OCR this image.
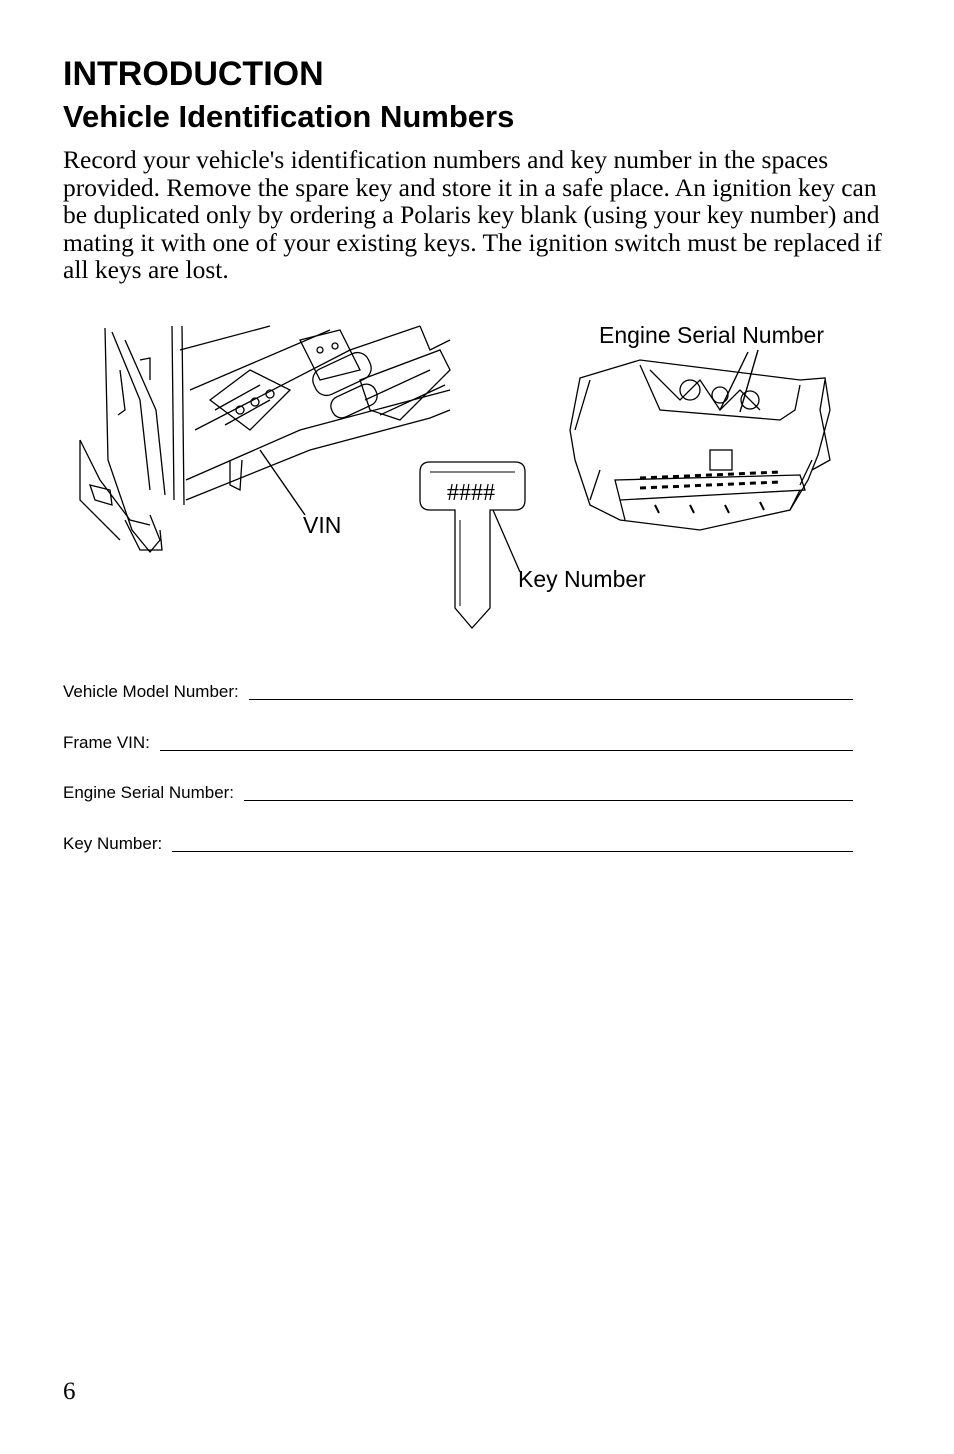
INTRODUCTION
Vehicle Identification Numbers

Record your vehicle's identification numbers and key number in the spaces provided. Remove the spare key and store it in a safe place. An ignition key can be duplicated only by ordering a Polaris key blank (using your key number) and mating it with one of your existing keys. The ignition switch must be replaced if all keys are lost.

Engine Serial Number
VIN
####
Key Number
Vehicle Model Number:
Frame VIN:
Engine Serial Number:
Key Number:
6
